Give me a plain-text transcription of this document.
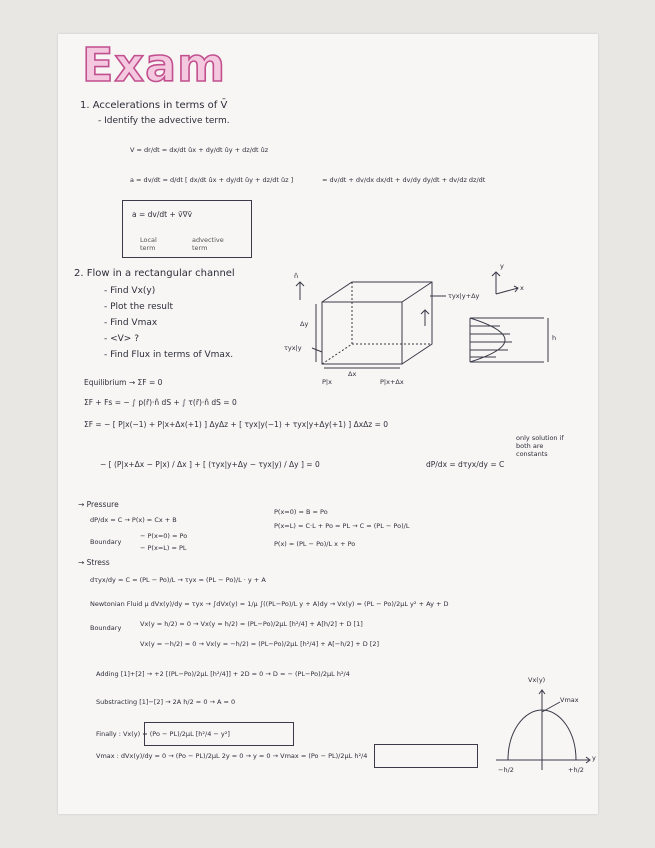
Exam
1. Accelerations in terms of V̄
- Identify the advective term.
V = dr/dt = dx/dt ûx + dy/dt ûy + dz/dt ûz
a = dv/dt = d/dt [ dx/dt ûx + dy/dt ûy + dz/dt ûz ]	= dv/dt + dv/dx dx/dt + dv/dy dy/dt + dv/dz dz/dt
a = dv/dt + v̄∇v̄
Local term
advective term
2. Flow in a rectangular channel
- Find Vx(y)
- Plot the result
- Find Vmax
- <V> ?
- Find Flux in terms of Vmax.
n̂
τyx|y+Δy
Δy
τyx|y
Δx
P|x	P|x+Δx
h
y
x
Equilibrium → ΣF = 0
ΣF + Fs = − ∫ p(r̄)·n̂ dS + ∫ τ(r̄)·n̂ dS = 0
ΣF = − [ P|x(−1) + P|x+Δx(+1) ] ΔyΔz + [ τyx|y(−1) + τyx|y+Δy(+1) ] ΔxΔz = 0
− [ (P|x+Δx − P|x) / Δx ] + [ (τyx|y+Δy − τyx|y) / Δy ] = 0	dP/dx = dτyx/dy = C
only solution if both are constants
→ Pressure
dP/dx = C → P(x) = Cx + B
Boundary
− P(x=0) = Po
− P(x=L) = PL
P(x=0) = B = Po
P(x=L) = C·L + Po = PL → C = (PL − Po)/L
P(x) = (PL − Po)/L x + Po
→ Stress
dτyx/dy = C = (PL − Po)/L → τyx = (PL − Po)/L · y + A
Newtonian Fluid μ dVx(y)/dy = τyx → ∫dVx(y) = 1/μ ∫((PL−Po)/L y + A)dy → Vx(y) = (PL − Po)/2μL y² + Ay + D
Boundary	Vx(y = h/2) = 0 → Vx(y = h/2) = (PL−Po)/2μL [h²/4] + A[h/2] + D [1]
Vx(y = −h/2) = 0 → Vx(y = −h/2) = (PL−Po)/2μL [h²/4] + A[−h/2] + D [2]
Adding [1]+[2] → +2 [(PL−Po)/2μL [h²/4]] + 2D = 0 → D = − (PL−Po)/2μL h²/4
Substracting [1]−[2] → 2A h/2 = 0 → A = 0
Finally : Vx(y) = (Po − PL)/2μL [h²/4 − y²]
Vmax : dVx(y)/dy = 0 → (Po − PL)/2μL 2y = 0 → y = 0 → Vmax = (Po − PL)/2μL h²/4
Vx(y)
Vmax
−h/2	+h/2
y
